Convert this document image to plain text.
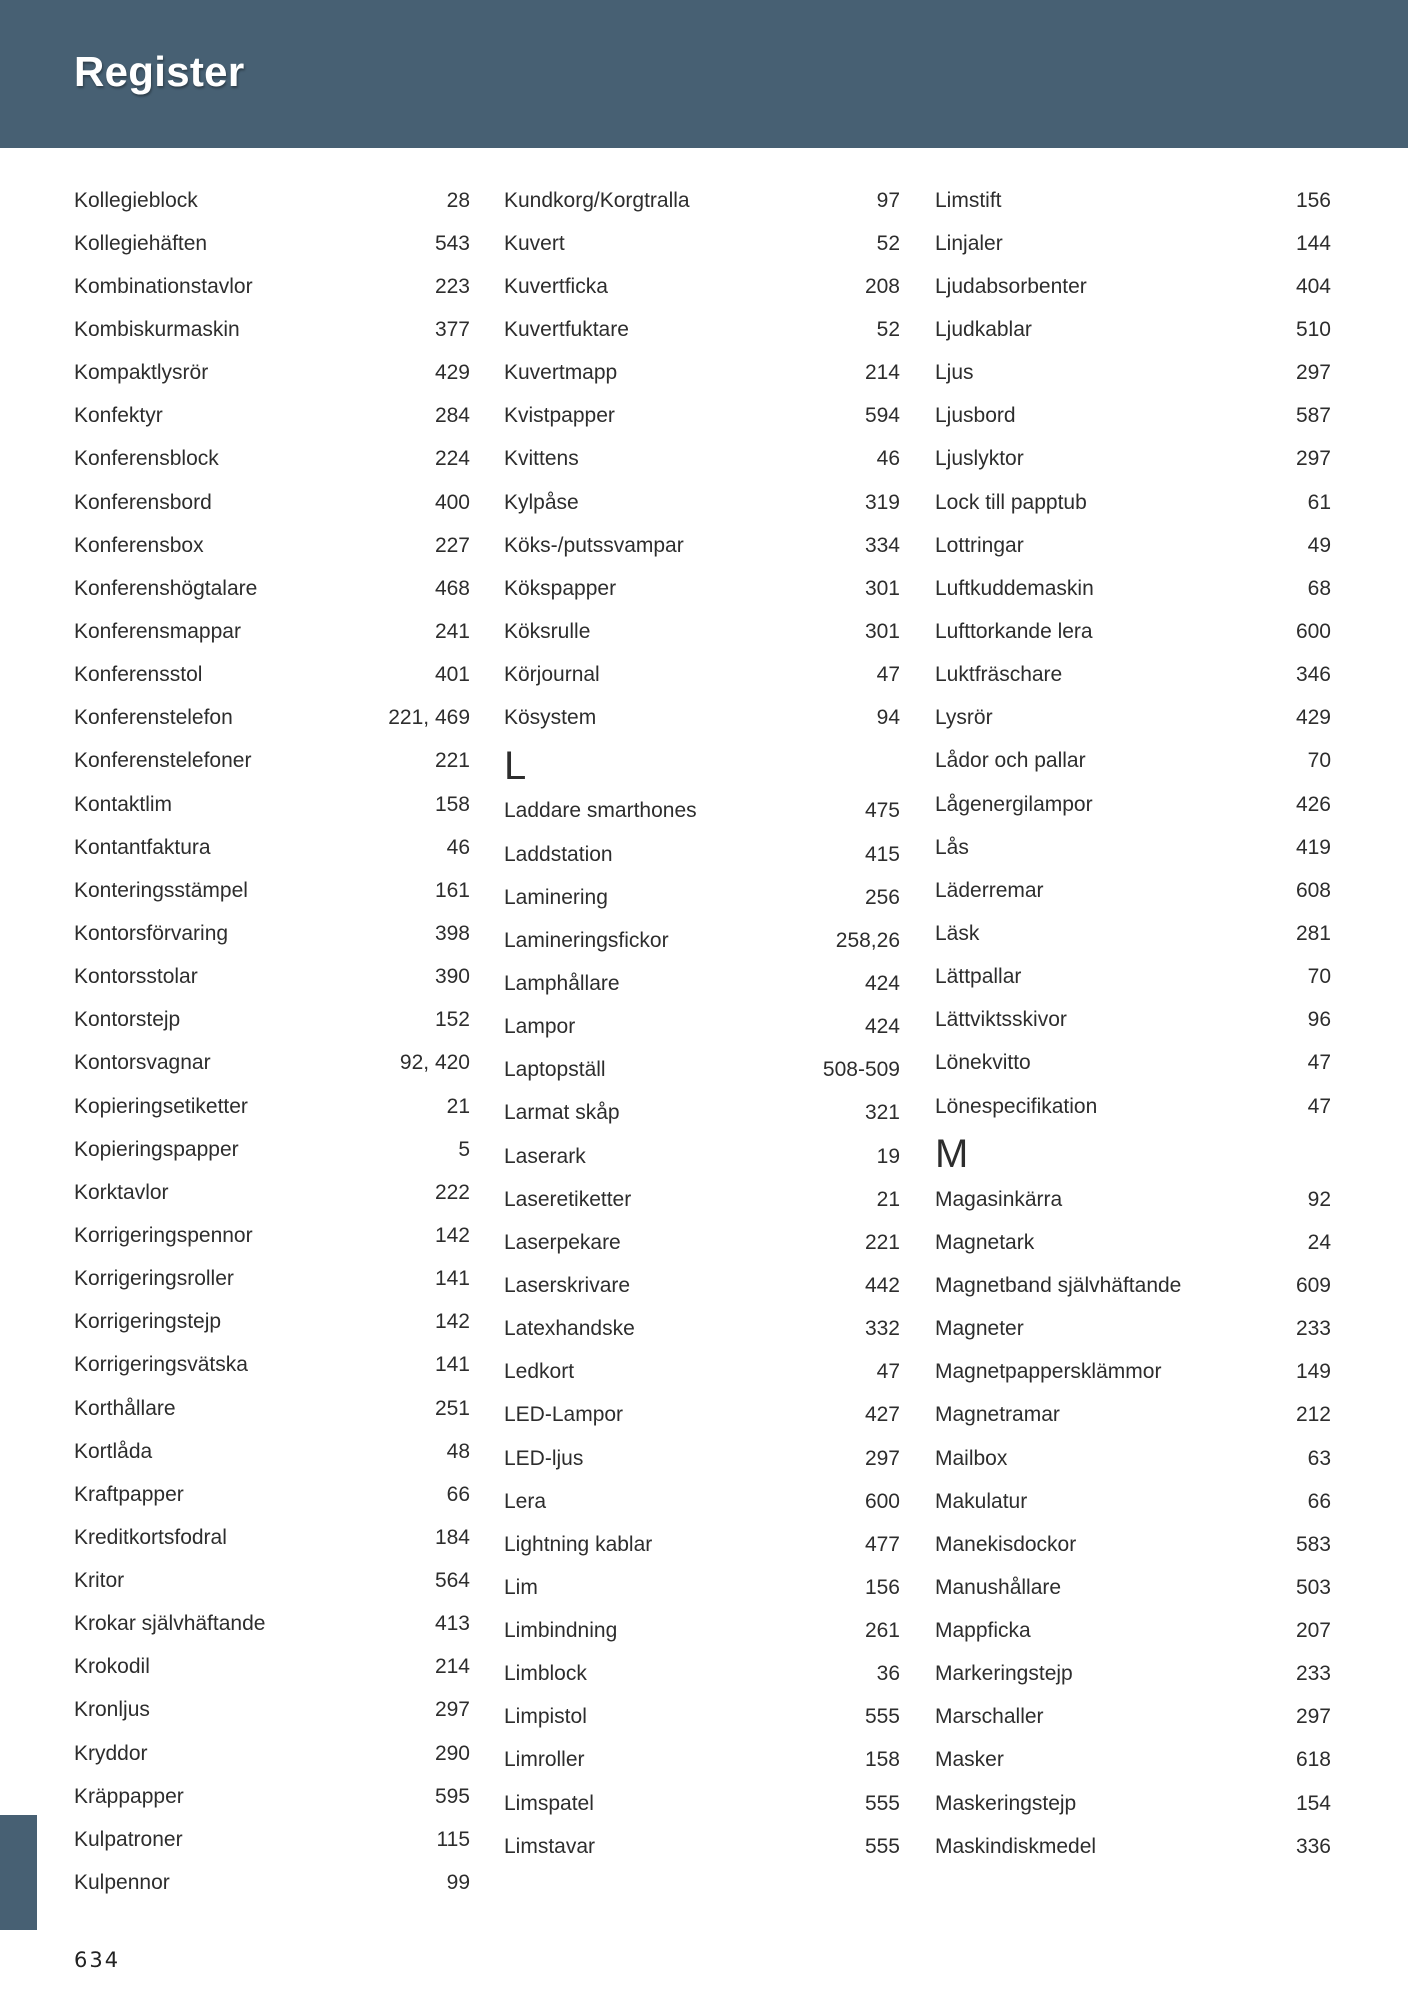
Register
Kollegieblock	28
Kollegiehäften	543
Kombinationstavlor	223
Kombiskurmaskin	377
Kompaktlysrör	429
Konfektyr	284
Konferensblock	224
Konferensbord	400
Konferensbox	227
Konferenshögtalare	468
Konferensmappar	241
Konferensstol	401
Konferenstelefon	221, 469
Konferenstelefoner	221
Kontaktlim	158
Kontantfaktura	46
Konteringsstämpel	161
Kontorsförvaring	398
Kontorsstolar	390
Kontorstejp	152
Kontorsvagnar	92, 420
Kopieringsetiketter	21
Kopieringspapper	5
Korktavlor	222
Korrigeringspennor	142
Korrigeringsroller	141
Korrigeringstejp	142
Korrigeringsvätska	141
Korthållare	251
Kortlåda	48
Kraftpapper	66
Kreditkortsfodral	184
Kritor	564
Krokar självhäftande	413
Krokodil	214
Kronljus	297
Kryddor	290
Kräppapper	595
Kulpatroner	115
Kulpennor	99
Kundkorg/Korgtralla	97
Kuvert	52
Kuvertficka	208
Kuvertfuktare	52
Kuvertmapp	214
Kvistpapper	594
Kvittens	46
Kylpåse	319
Köks-/putssvampar	334
Kökspapper	301
Köksrulle	301
Körjournal	47
Kösystem	94
L
Laddare smarthones	475
Laddstation	415
Laminering	256
Lamineringsfickor	258,26
Lamphållare	424
Lampor	424
Laptopställ	508-509
Larmat skåp	321
Laserark	19
Laseretiketter	21
Laserpekare	221
Laserskrivare	442
Latexhandske	332
Ledkort	47
LED-Lampor	427
LED-ljus	297
Lera	600
Lightning kablar	477
Lim	156
Limbindning	261
Limblock	36
Limpistol	555
Limroller	158
Limspatel	555
Limstavar	555
Limstift	156
Linjaler	144
Ljudabsorbenter	404
Ljudkablar	510
Ljus	297
Ljusbord	587
Ljuslyktor	297
Lock till papptub	61
Lottringar	49
Luftkuddemaskin	68
Lufttorkande lera	600
Luktfräschare	346
Lysrör	429
Lådor och pallar	70
Lågenergilampor	426
Lås	419
Läderremar	608
Läsk	281
Lättpallar	70
Lättviktsskivor	96
Lönekvitto	47
Lönespecifikation	47
M
Magasinkärra	92
Magnetark	24
Magnetband självhäftande	609
Magneter	233
Magnetpappersklämmor	149
Magnetramar	212
Mailbox	63
Makulatur	66
Manekisdockor	583
Manushållare	503
Mappficka	207
Markeringstejp	233
Marschaller	297
Masker	618
Maskeringstejp	154
Maskindiskmedel	336
634
